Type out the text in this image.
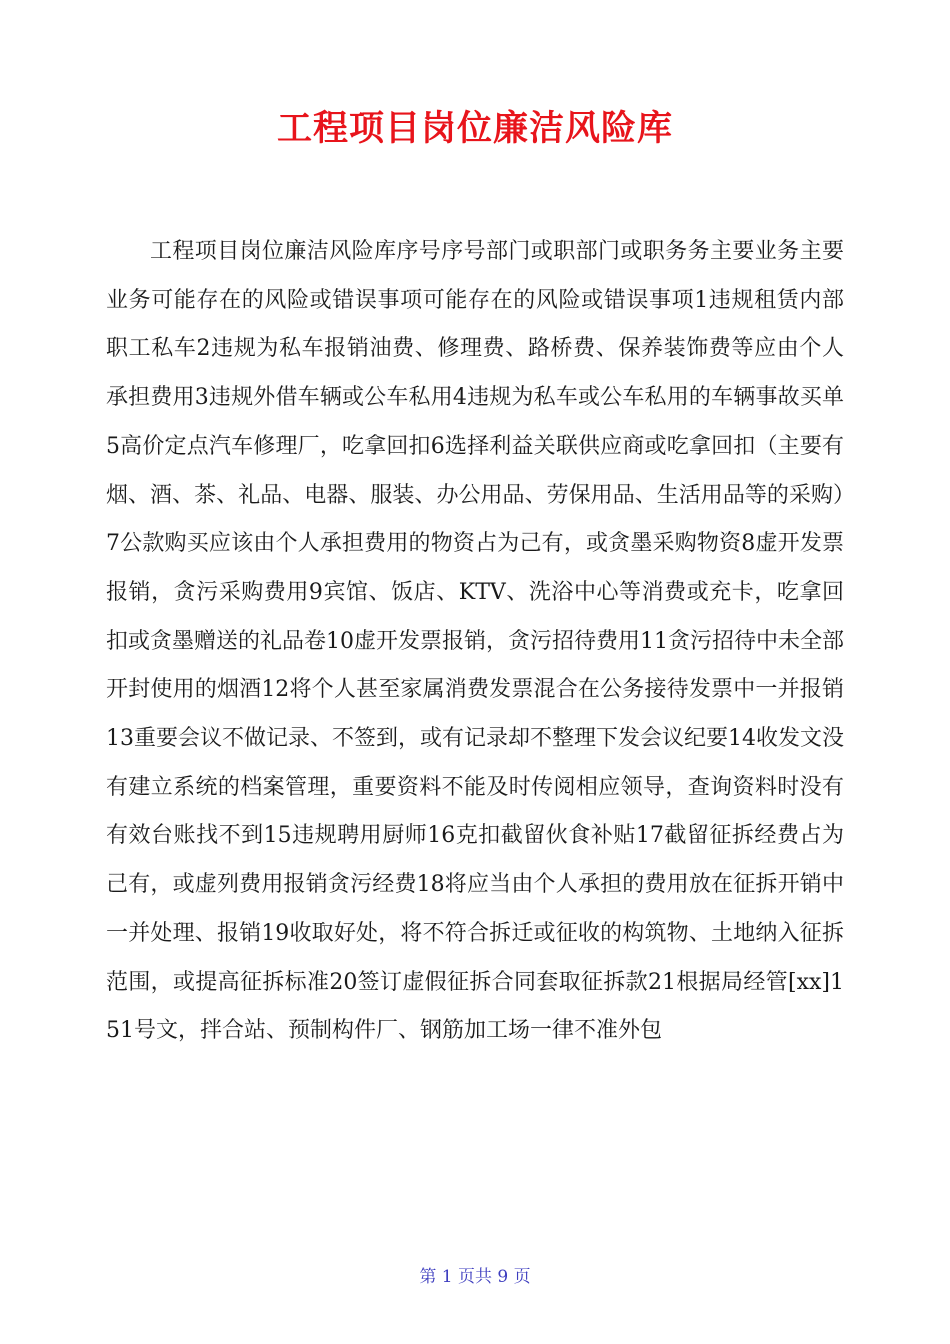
工程项目岗位廉洁风险库

工程项目岗位廉洁风险库序号序号部门或职部门或职务务主要业务主要业务可能存在的风险或错误事项可能存在的风险或错误事项1违规租赁内部职工私车2违规为私车报销油费、修理费、路桥费、保养装饰费等应由个人承担费用3违规外借车辆或公车私用4违规为私车或公车私用的车辆事故买单5高价定点汽车修理厂，吃拿回扣6选择利益关联供应商或吃拿回扣（主要有烟、酒、茶、礼品、电器、服装、办公用品、劳保用品、生活用品等的采购）7公款购买应该由个人承担费用的物资占为己有，或贪墨采购物资8虚开发票报销，贪污采购费用9宾馆、饭店、KTV、洗浴中心等消费或充卡，吃拿回扣或贪墨赠送的礼品卷10虚开发票报销，贪污招待费用11贪污招待中未全部开封使用的烟酒12将个人甚至家属消费发票混合在公务接待发票中一并报销13重要会议不做记录、不签到，或有记录却不整理下发会议纪要14收发文没有建立系统的档案管理，重要资料不能及时传阅相应领导，查询资料时没有有效台账找不到15违规聘用厨师16克扣截留伙食补贴17截留征拆经费占为己有，或虚列费用报销贪污经费18将应当由个人承担的费用放在征拆开销中一并处理、报销19收取好处，将不符合拆迁或征收的构筑物、土地纳入征拆范围，或提高征拆标准20签订虚假征拆合同套取征拆款21根据局经管[xx]151号文，拌合站、预制构件厂、钢筋加工场一律不准外包

第 1 页共 9 页
